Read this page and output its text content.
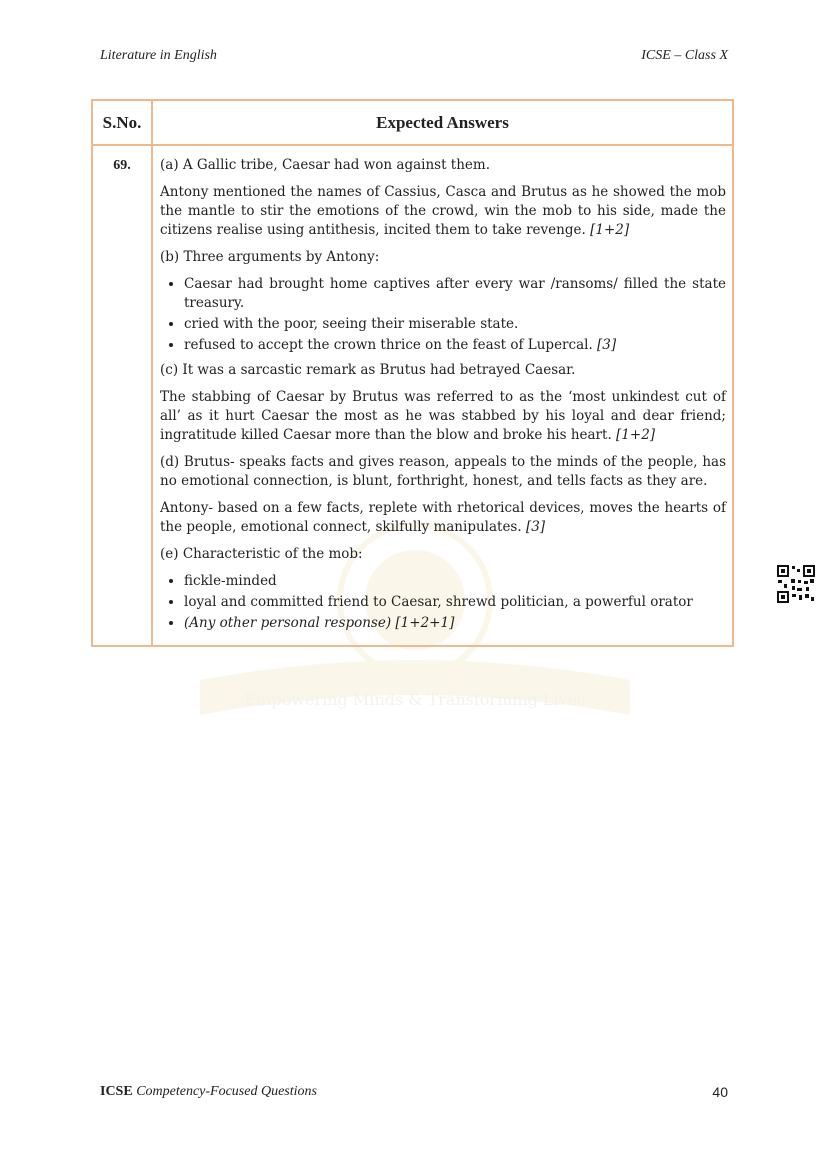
Literature in English	ICSE – Class X
Empowering Minds & Transforming Lives
S.No.	Expected Answers
69.	(a) A Gallic tribe, Caesar had won against them.

Antony mentioned the names of Cassius, Casca and Brutus as he showed the mob the mantle to stir the emotions of the crowd, win the mob to his side, made the citizens realise using antithesis, incited them to take revenge. [1+2]

(b) Three arguments by Antony:

• Caesar had brought home captives after every war /ransoms/ filled the state treasury.
• cried with the poor, seeing their miserable state.
• refused to accept the crown thrice on the feast of Lupercal. [3]

(c) It was a sarcastic remark as Brutus had betrayed Caesar.

The stabbing of Caesar by Brutus was referred to as the ‘most unkindest cut of all’ as it hurt Caesar the most as he was stabbed by his loyal and dear friend; ingratitude killed Caesar more than the blow and broke his heart. [1+2]

(d) Brutus- speaks facts and gives reason, appeals to the minds of the people, has no emotional connection, is blunt, forthright, honest, and tells facts as they are.

Antony- based on a few facts, replete with rhetorical devices, moves the hearts of the people, emotional connect, skilfully manipulates. [3]

(e) Characteristic of the mob:

• fickle-minded
• loyal and committed friend to Caesar, shrewd politician, a powerful orator
• (Any other personal response) [1+2+1]
ICSE Competency-Focused Questions	40
